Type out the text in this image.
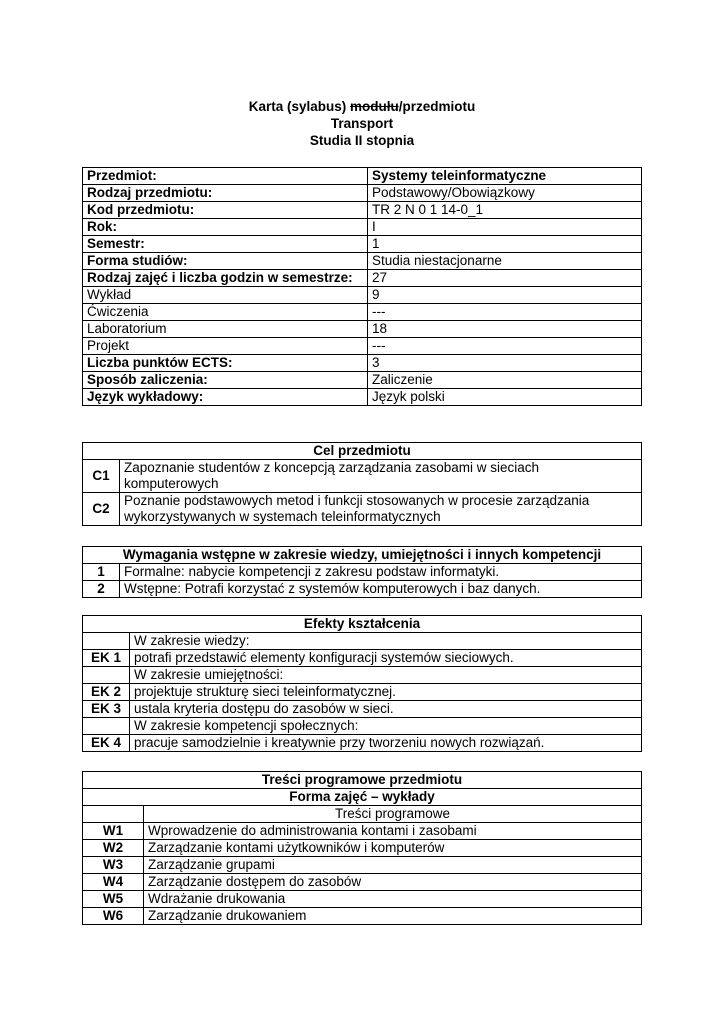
Karta (sylabus) modułu/przedmiotu
Transport
Studia II stopnia
Przedmiot:	Systemy teleinformatyczne
Rodzaj przedmiotu:	Podstawowy/Obowiązkowy
Kod przedmiotu:	TR 2 N 0 1 14-0_1
Rok:	I
Semestr:	1
Forma studiów:	Studia niestacjonarne
Rodzaj zajęć i liczba godzin w semestrze:	27
Wykład	9
Ćwiczenia	---
Laboratorium	18
Projekt	---
Liczba punktów ECTS:	3
Sposób zaliczenia:	Zaliczenie
Język wykładowy:	Język polski
Cel przedmiotu	
C1	Zapoznanie studentów z koncepcją zarządzania zasobami w sieciach komputerowych
C2	Poznanie podstawowych metod i funkcji stosowanych w procesie zarządzania wykorzystywanych w systemach teleinformatycznych
Wymagania wstępne w zakresie wiedzy, umiejętności i innych kompetencji	
1	Formalne: nabycie kompetencji z zakresu podstaw informatyki.
2	Wstępne: Potrafi korzystać z systemów komputerowych i baz danych.
Efekty kształcenia	
	W zakresie wiedzy:
EK 1	potrafi przedstawić elementy konfiguracji systemów sieciowych.
	W zakresie umiejętności:
EK 2	projektuje strukturę sieci teleinformatycznej.
EK 3	ustala kryteria dostępu do zasobów w sieci.
	W zakresie kompetencji społecznych:
EK 4	pracuje samodzielnie i kreatywnie przy tworzeniu nowych rozwiązań.
Treści programowe przedmiotu	
Forma zajęć – wykłady	
	Treści programowe
W1	Wprowadzenie do administrowania kontami i zasobami
W2	Zarządzanie kontami użytkowników i komputerów
W3	Zarządzanie grupami
W4	Zarządzanie dostępem do zasobów
W5	Wdrażanie drukowania
W6	Zarządzanie drukowaniem
